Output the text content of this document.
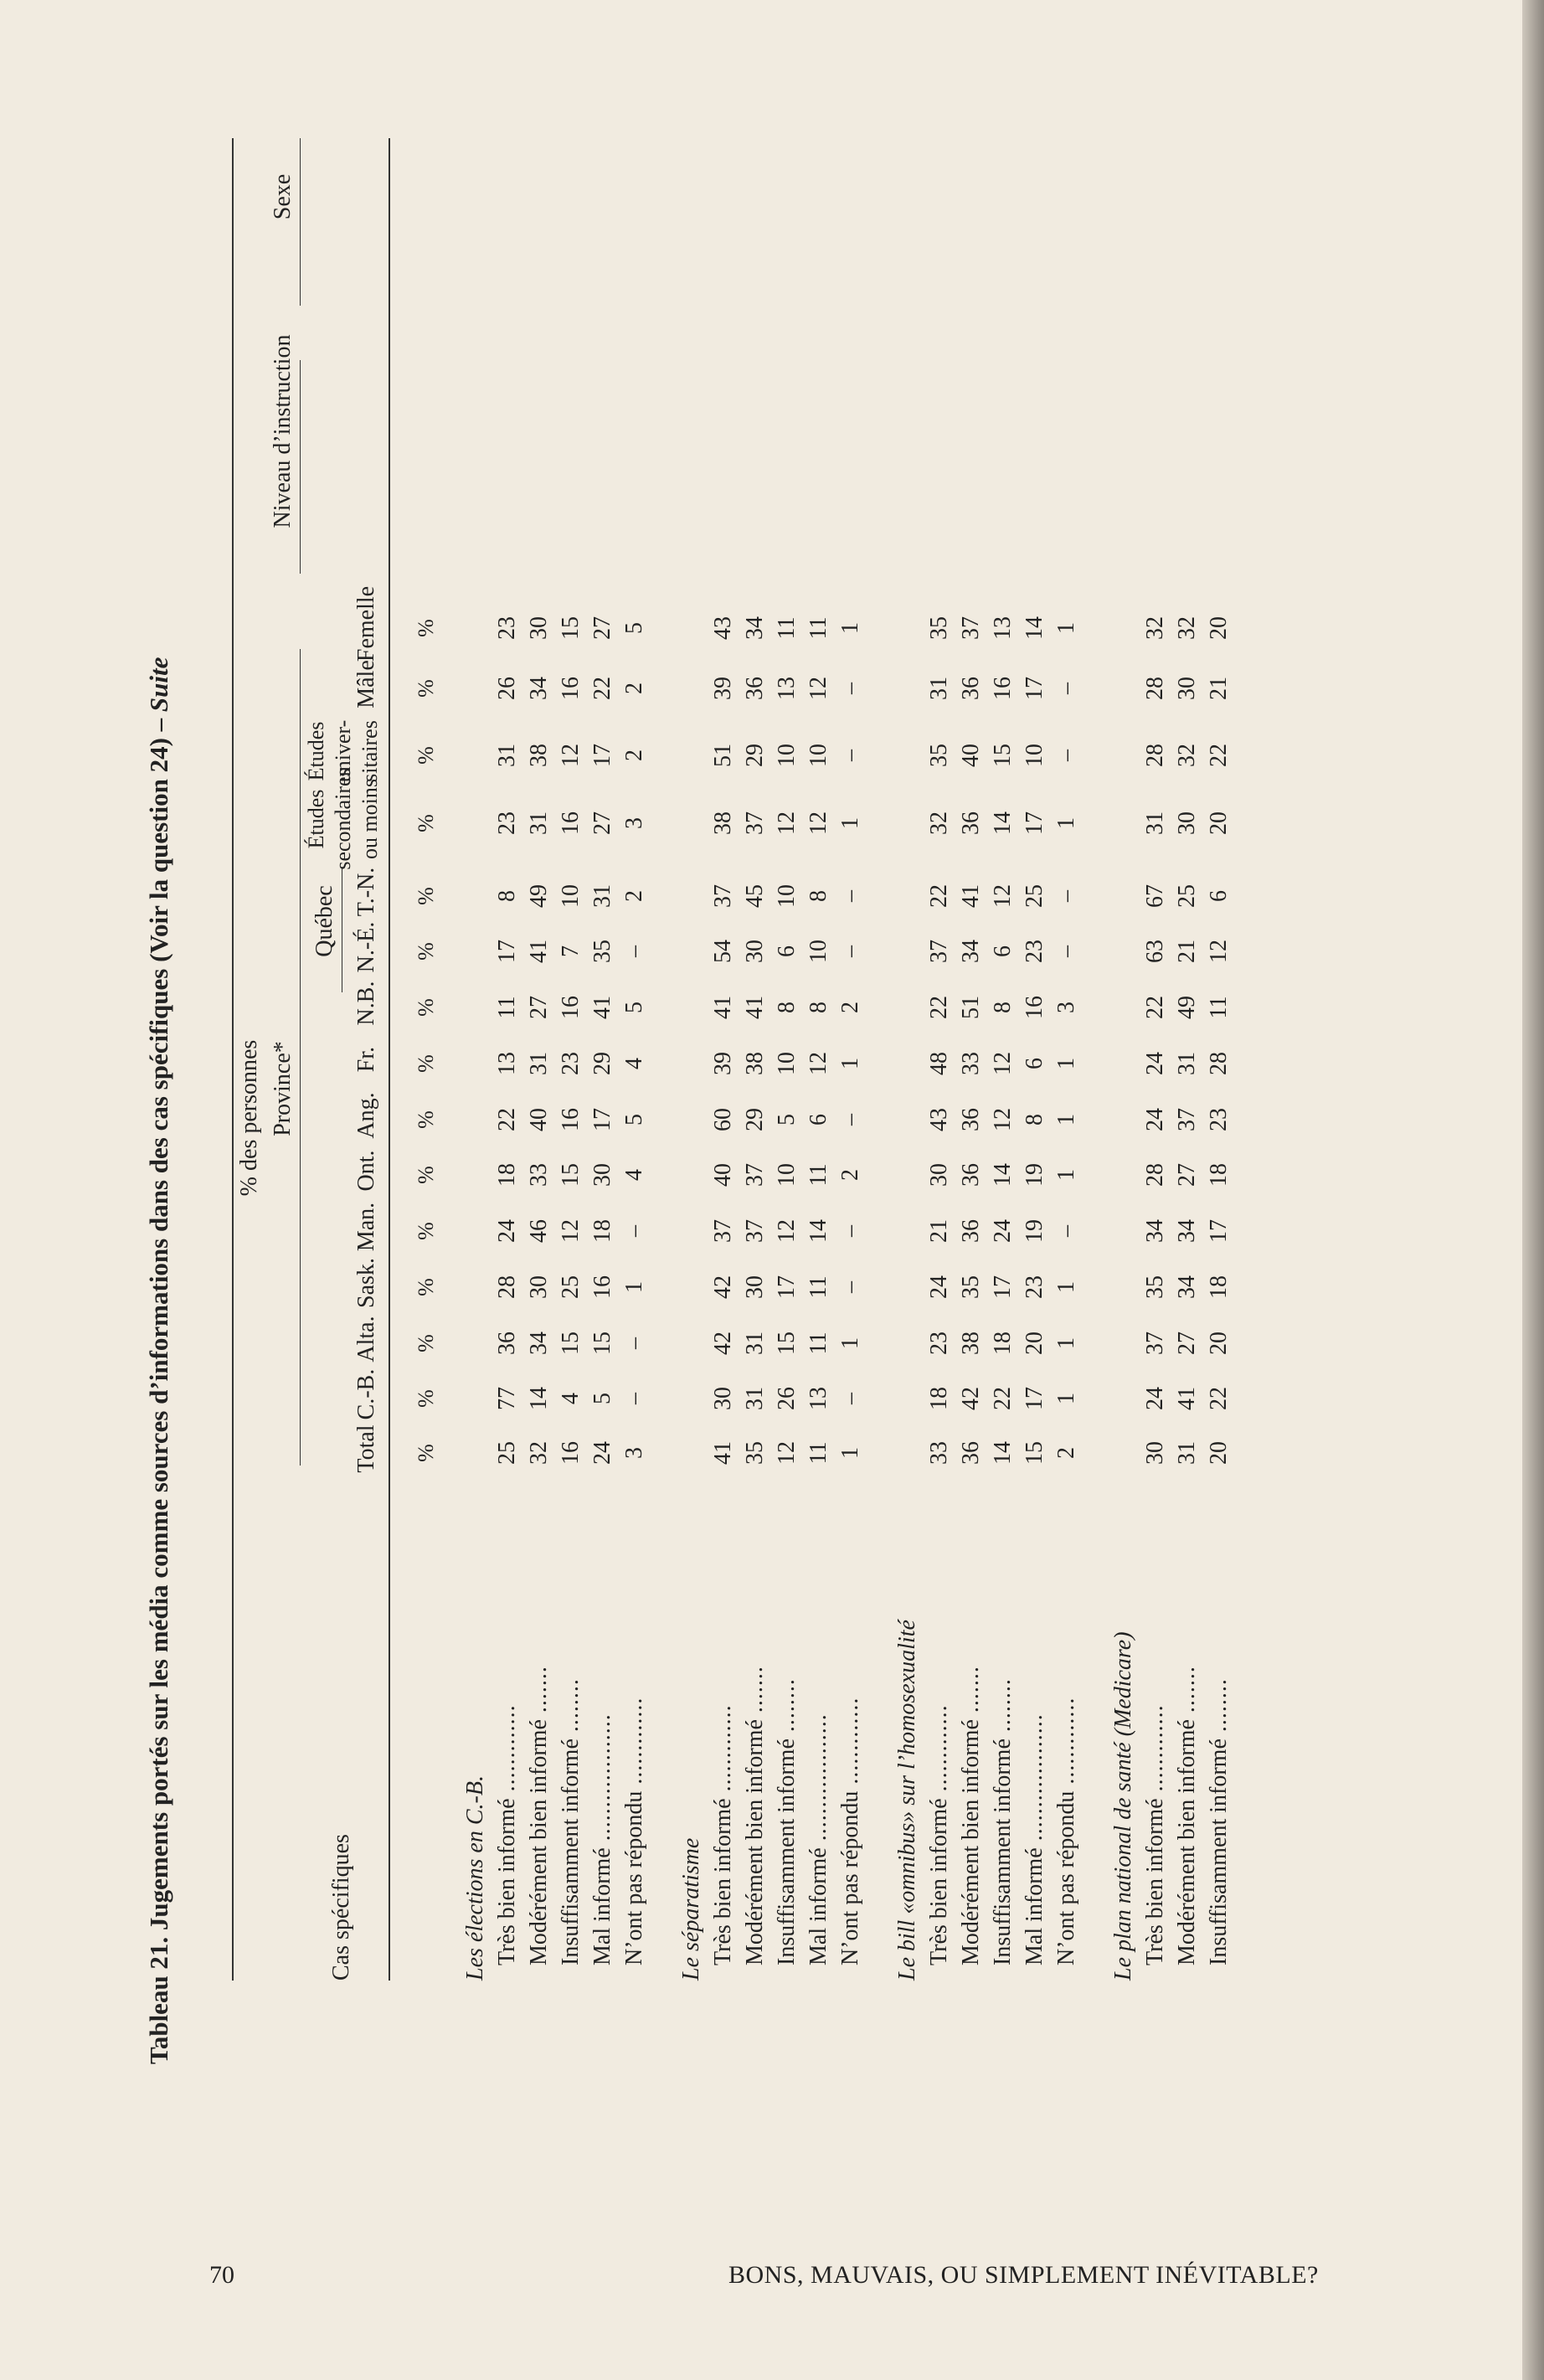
Tableau 21. Jugements portés sur les média comme sources d’informations dans des cas spécifiques (Voir la question 24) – Suite
Cas spécifiques
% des personnes Province*
Québec
Niveau d’instruction
Sexe
Total
C.-B.
Alta.
Sask.
Man.
Ont.
Ang.
Fr.
N.B.
N.-É.
T.-N.
Études secondaires ou moins
Études univer-sitaires
Mâle
Femelle
%
%
%
%
%
%
%
%
%
%
%
%
%
%
%
Les élections en C.-B. Très bien informé .............
25
77
36
28
24
18
22
13
11
17
8
23
31
26
23
Modérément bien informé .......
32
14
34
30
46
33
40
31
27
41
49
31
38
34
30
Insuffisamment informé ........
16
4
15
25
12
15
16
23
16
7
10
16
12
16
15
Mal informé ...................
24
5
15
16
18
30
17
29
41
35
31
27
17
22
27
N’ont pas répondu .............
3
–
–
1
–
4
5
4
5
–
2
3
2
2
5
Le séparatisme Très bien informé .............
41
30
42
42
37
40
60
39
41
54
37
38
51
39
43
Modérément bien informé .......
35
31
31
30
37
37
29
38
41
30
45
37
29
36
34
Insuffisamment informé ........
12
26
15
17
12
10
5
10
8
6
10
12
10
13
11
Mal informé ...................
11
13
11
11
14
11
6
12
8
10
8
12
10
12
11
N’ont pas répondu .............
1
–
1
–
–
2
–
1
2
–
–
1
–
–
1
Le bill «omnibus» sur l’homosexualité Très bien informé .............
33
18
23
24
21
30
43
48
22
37
22
32
35
31
35
Modérément bien informé .......
36
42
38
35
36
36
36
33
51
34
41
36
40
36
37
Insuffisamment informé ........
14
22
18
17
24
14
12
12
8
6
12
14
15
16
13
Mal informé ...................
15
17
20
23
19
19
8
6
16
23
25
17
10
17
14
N’ont pas répondu .............
2
1
1
1
–
1
1
1
3
–
–
1
–
–
1
Le plan national de santé (Medicare) Très bien informé .............
30
24
37
35
34
28
24
24
22
63
67
31
28
28
32
Modérément bien informé .......
31
41
27
34
34
27
37
31
49
21
25
30
32
30
32
Insuffisamment informé ........
20
22
20
18
17
18
23
28
11
12
6
20
22
21
20
70	BONS, MAUVAIS, OU SIMPLEMENT INÉVITABLE?
